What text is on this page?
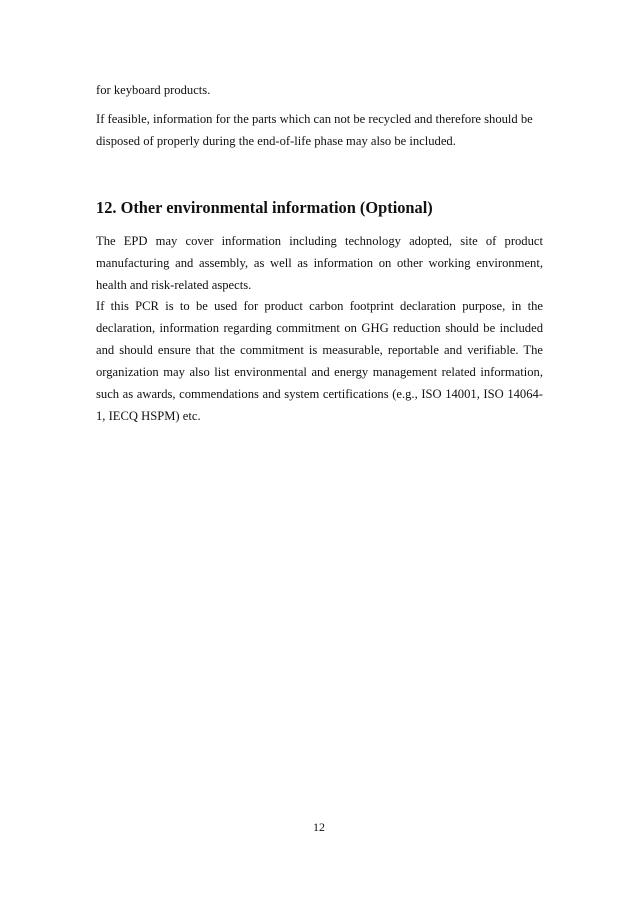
for keyboard products.

If feasible, information for the parts which can not be recycled and therefore should be disposed of properly during the end-of-life phase may also be included.

12. Other environmental information (Optional)

The EPD may cover information including technology adopted, site of product manufacturing and assembly, as well as information on other working environment, health and risk-related aspects.

If this PCR is to be used for product carbon footprint declaration purpose, in the declaration, information regarding commitment on GHG reduction should be included and should ensure that the commitment is measurable, reportable and verifiable. The organization may also list environmental and energy management related information, such as awards, commendations and system certifications (e.g., ISO 14001, ISO 14064-1, IECQ HSPM) etc.

12
